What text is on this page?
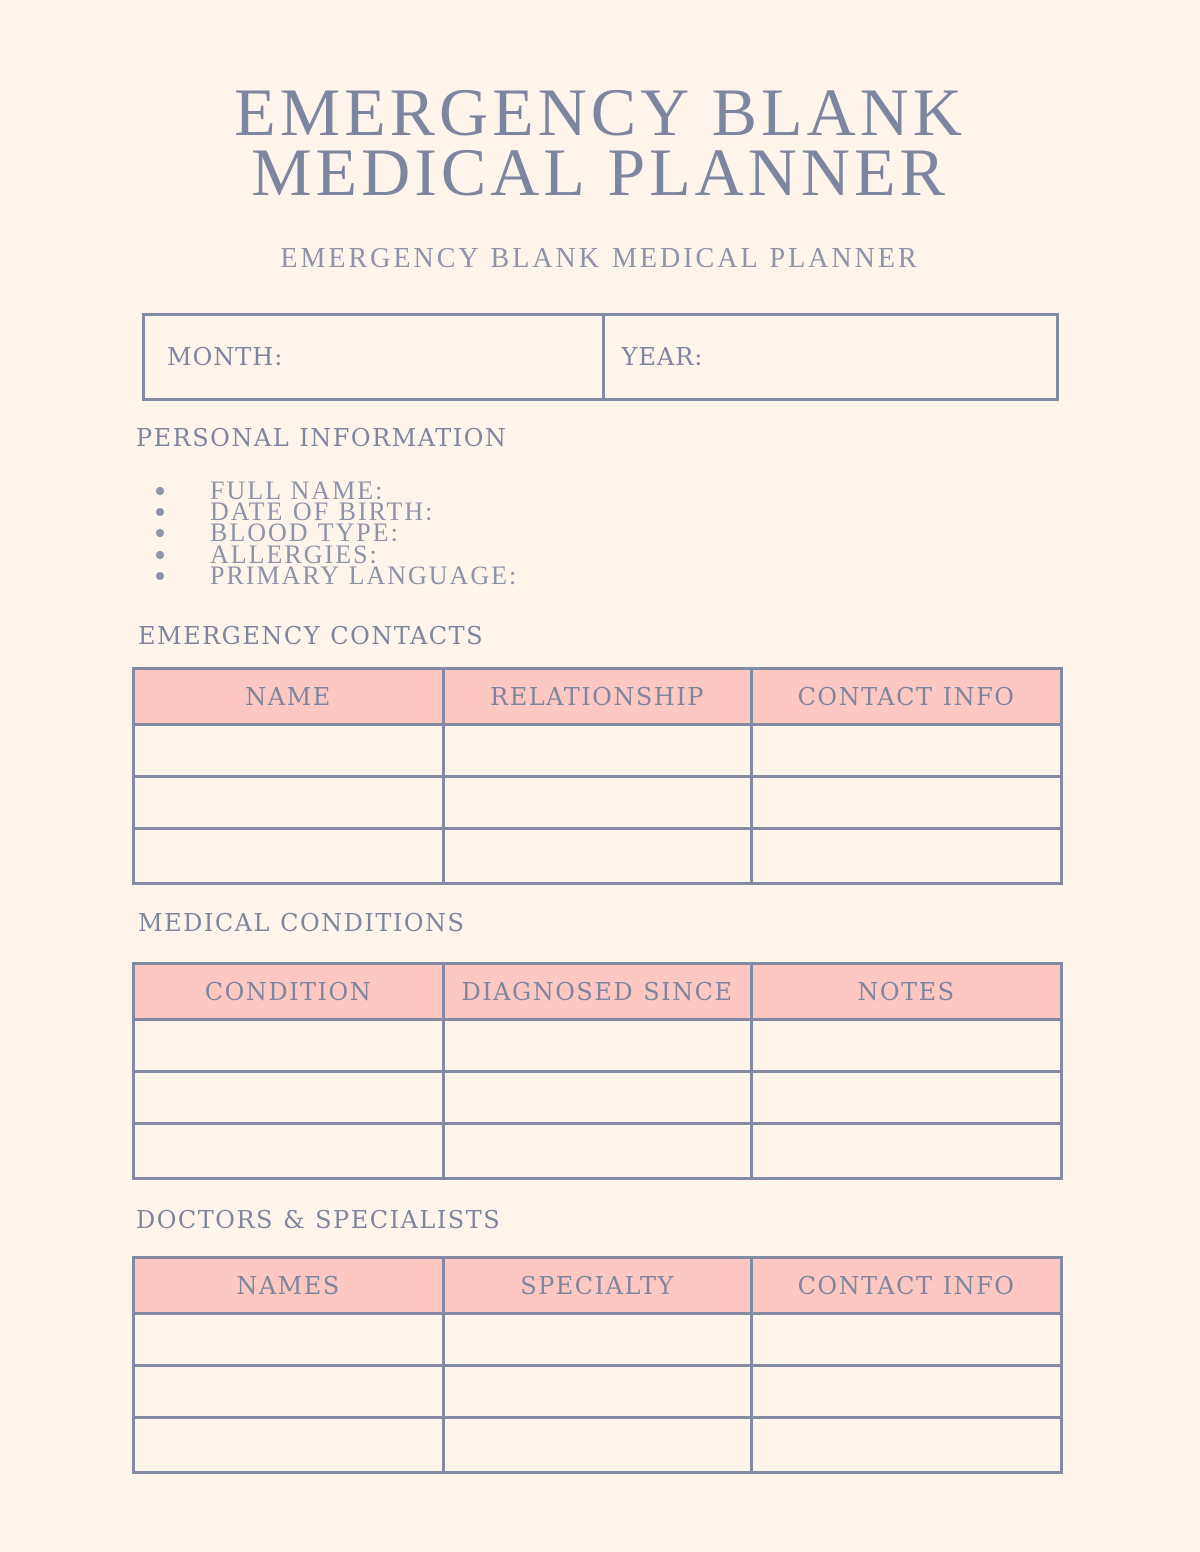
EMERGENCY BLANK
MEDICAL PLANNER
EMERGENCY BLANK MEDICAL PLANNER
MONTH:	YEAR:
PERSONAL INFORMATION
FULL NAME:
DATE OF BIRTH:
BLOOD TYPE:
ALLERGIES:
PRIMARY LANGUAGE:
EMERGENCY CONTACTS
NAME	RELATIONSHIP	CONTACT INFO

MEDICAL CONDITIONS
CONDITION	DIAGNOSED SINCE	NOTES

DOCTORS & SPECIALISTS
NAMES	SPECIALTY	CONTACT INFO
